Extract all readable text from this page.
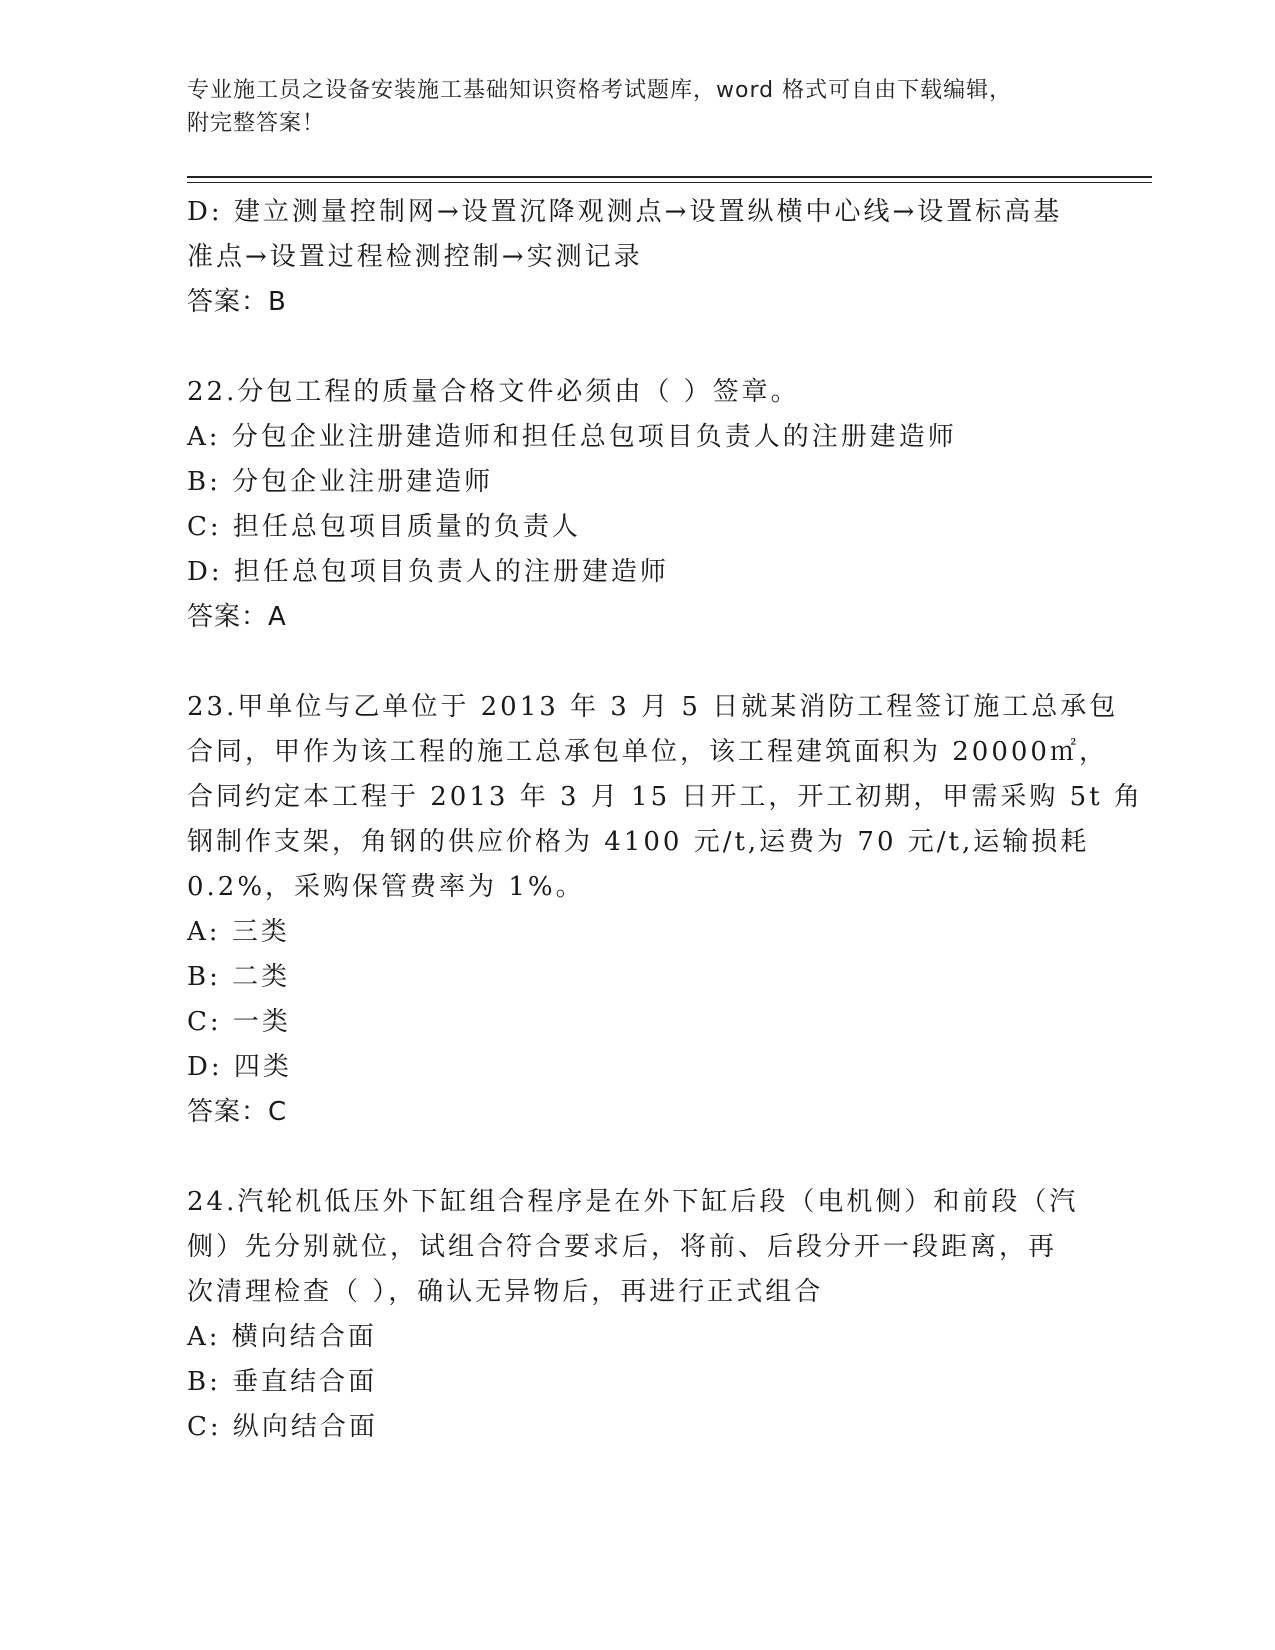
专业施工员之设备安装施工基础知识资格考试题库，word 格式可自由下载编辑，
附完整答案！
D: 建立测量控制网→设置沉降观测点→设置纵横中心线→设置标高基
准点→设置过程检测控制→实测记录
答案：B
22.分包工程的质量合格文件必须由（ ）签章。
A: 分包企业注册建造师和担任总包项目负责人的注册建造师
B: 分包企业注册建造师
C: 担任总包项目质量的负责人
D: 担任总包项目负责人的注册建造师
答案：A
23.甲单位与乙单位于 2013 年 3 月 5 日就某消防工程签订施工总承包
合同，甲作为该工程的施工总承包单位，该工程建筑面积为 20000㎡，
合同约定本工程于 2013 年 3 月 15 日开工，开工初期，甲需采购 5t 角
钢制作支架，角钢的供应价格为 4100 元/t,运费为 70 元/t,运输损耗
0.2%，采购保管费率为 1%。
A: 三类
B: 二类
C: 一类
D: 四类
答案：C
24.汽轮机低压外下缸组合程序是在外下缸后段（电机侧）和前段（汽
侧）先分别就位，试组合符合要求后，将前、后段分开一段距离，再
次清理检查（ ），确认无异物后，再进行正式组合
A: 横向结合面
B: 垂直结合面
C: 纵向结合面
